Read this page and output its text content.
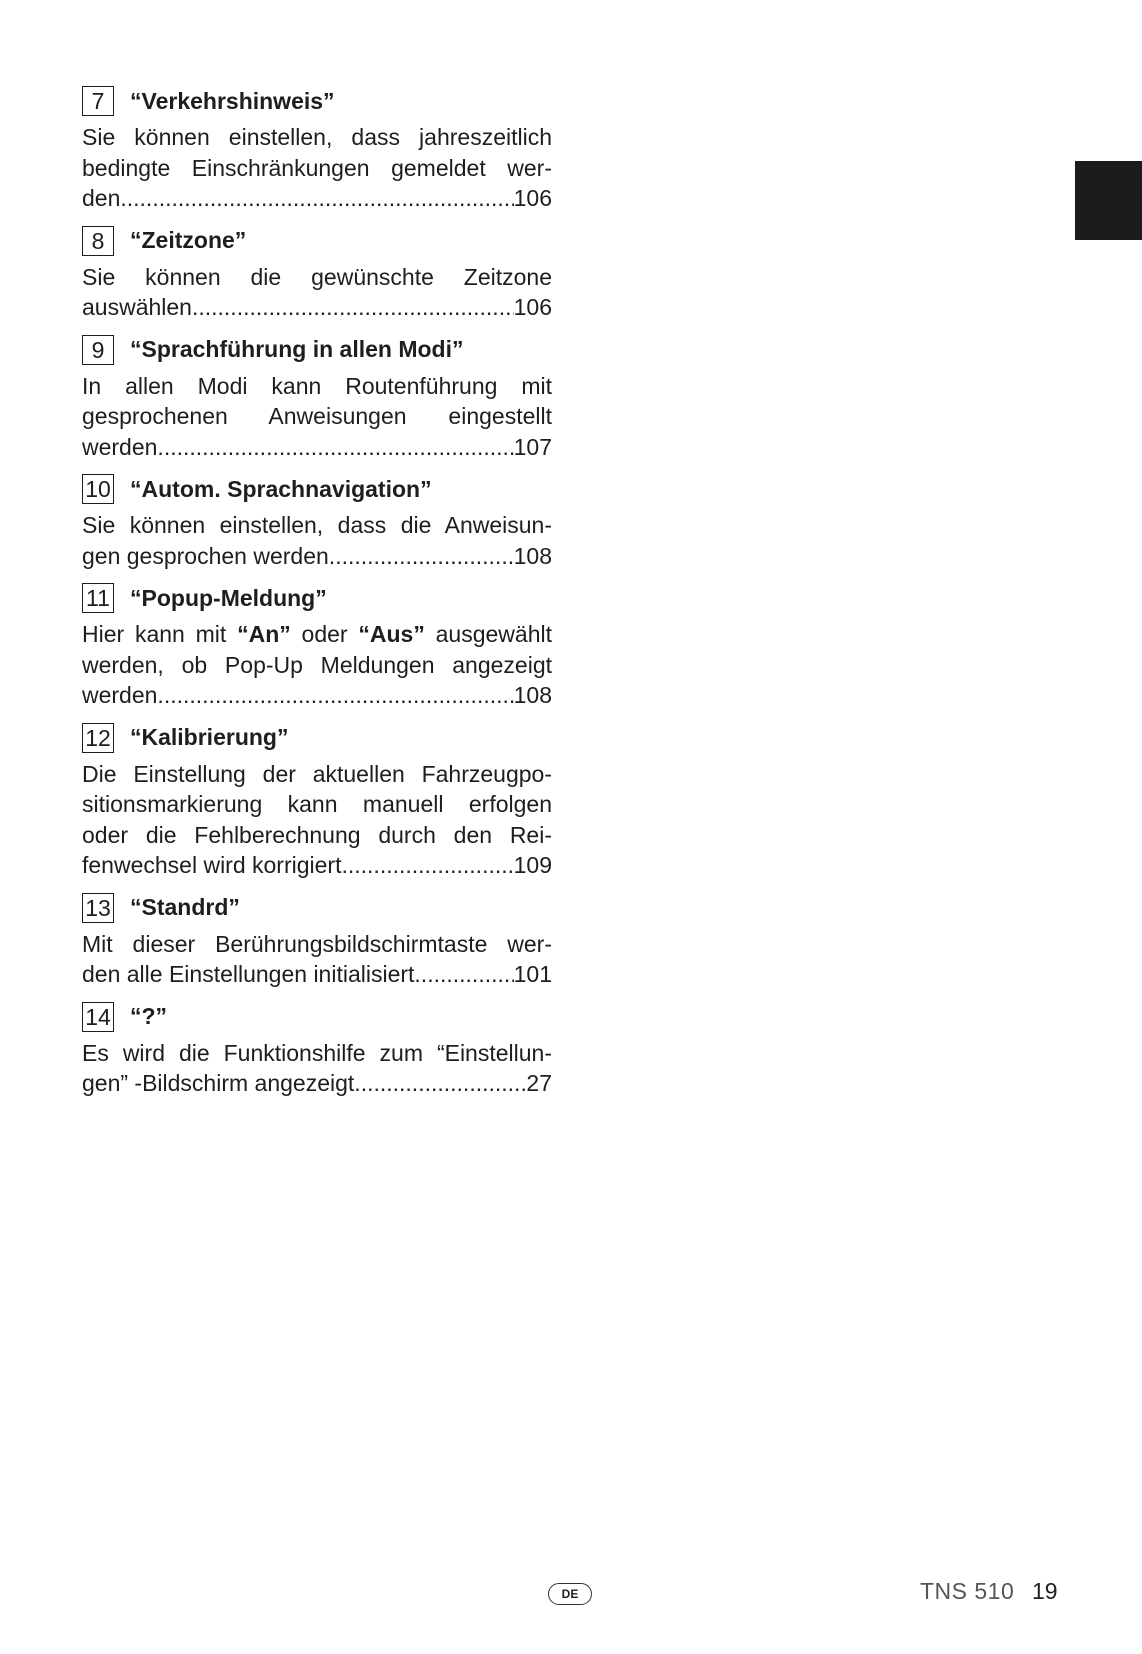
7	“Verkehrshinweis”

Sie können einstellen, dass jahreszeitlich
bedingte Einschränkungen gemeldet wer-
den .....	106

8	“Zeitzone”

Sie können die gewünschte Zeitzone
auswählen. .....	106

9	“Sprachführung in allen Modi”

In allen Modi kann Routenführung mit
gesprochenen Anweisungen eingestellt
werden. .....	107

10 “Autom. Sprachnavigation”

Sie können einstellen, dass die Anweisun-
gen gesprochen werden. .....	108

11 “Popup-Meldung”

Hier kann mit “An” oder “Aus” ausgewählt
werden, ob Pop-Up Meldungen angezeigt
werden. .....	108

12 “Kalibrierung”

Die Einstellung der aktuellen Fahrzeugpo-
sitionsmarkierung kann manuell erfolgen
oder die Fehlberechnung durch den Rei-
fenwechsel wird korrigiert. .....	109

13 “Standrd”

Mit dieser Berührungsbildschirmtaste wer-
den alle Einstellungen initialisiert .....	101

14 “?”

Es wird die Funktionshilfe zum “Einstellun-
gen” -Bildschirm angezeigt. .....	27

DE	TNS 510 19
